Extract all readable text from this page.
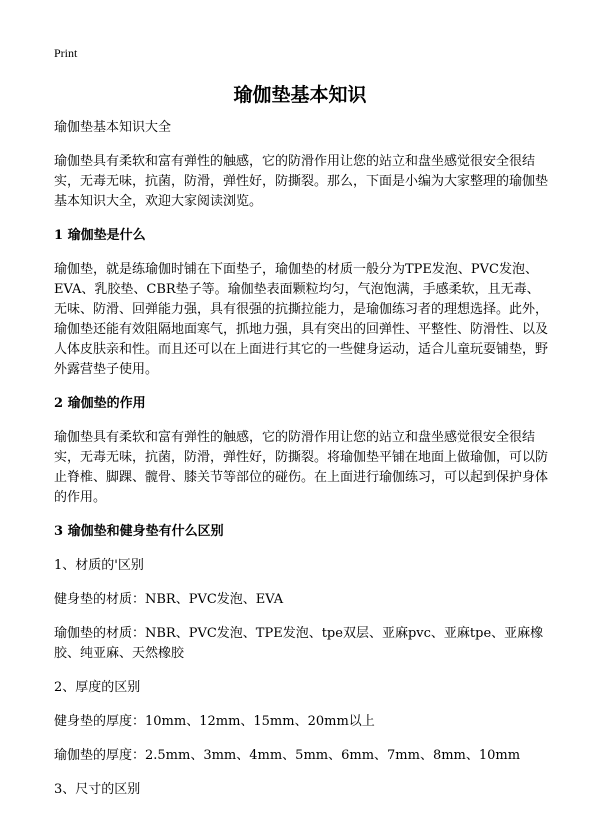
Print
瑜伽垫基本知识

瑜伽垫基本知识大全

瑜伽垫具有柔软和富有弹性的触感，它的防滑作用让您的站立和盘坐感觉很安全很结实，无毒无味，抗菌，防滑，弹性好，防撕裂。那么，下面是小编为大家整理的瑜伽垫基本知识大全，欢迎大家阅读浏览。

1 瑜伽垫是什么

瑜伽垫，就是练瑜伽时铺在下面垫子，瑜伽垫的材质一般分为TPE发泡、PVC发泡、EVA、乳胶垫、CBR垫子等。瑜伽垫表面颗粒均匀，气泡饱满，手感柔软，且无毒、无味、防滑、回弹能力强，具有很强的抗撕拉能力，是瑜伽练习者的理想选择。此外，瑜伽垫还能有效阻隔地面寒气，抓地力强，具有突出的回弹性、平整性、防滑性、以及人体皮肤亲和性。而且还可以在上面进行其它的一些健身运动，适合儿童玩耍铺垫，野外露营垫子使用。

2 瑜伽垫的作用

瑜伽垫具有柔软和富有弹性的触感，它的防滑作用让您的站立和盘坐感觉很安全很结实，无毒无味，抗菌，防滑，弹性好，防撕裂。将瑜伽垫平铺在地面上做瑜伽，可以防止脊椎、脚踝、髋骨、膝关节等部位的碰伤。在上面进行瑜伽练习，可以起到保护身体的作用。

3 瑜伽垫和健身垫有什么区别

1、材质的'区别

健身垫的材质：NBR、PVC发泡、EVA

瑜伽垫的材质：NBR、PVC发泡、TPE发泡、tpe双层、亚麻pvc、亚麻tpe、亚麻橡胶、纯亚麻、天然橡胶

2、厚度的区别

健身垫的厚度：10mm、12mm、15mm、20mm以上

瑜伽垫的厚度：2.5mm、3mm、4mm、5mm、6mm、7mm、8mm、10mm

3、尺寸的区别
